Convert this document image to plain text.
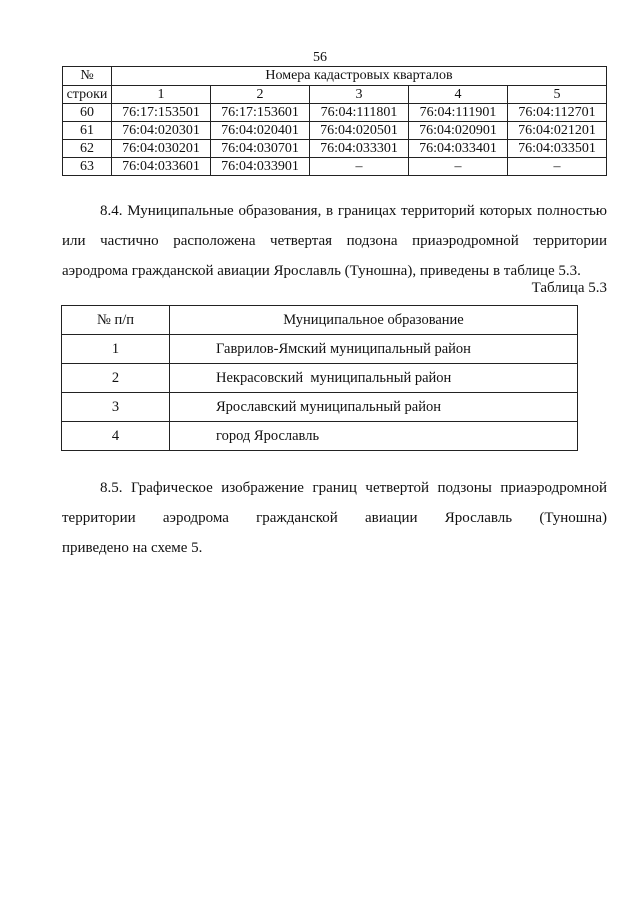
56
№	Номера кадастровых кварталов				
строки	1	2	3	4	5
60	76:17:153501	76:17:153601	76:04:111801	76:04:111901	76:04:112701
61	76:04:020301	76:04:020401	76:04:020501	76:04:020901	76:04:021201
62	76:04:030201	76:04:030701	76:04:033301	76:04:033401	76:04:033501
63	76:04:033601	76:04:033901	–	–	–

8.4. Муниципальные образования, в границах территорий которых полностью
или частично расположена четвертая подзона приаэродромной территории
аэродрома гражданской авиации Ярославль (Туношна), приведены в таблице 5.3.

Таблица 5.3
№ п/п	Муниципальное образование
1	Гаврилов-Ямский муниципальный район
2	Некрасовский  муниципальный район
3	Ярославский муниципальный район
4	город Ярославль

8.5. Графическое изображение границ четвертой подзоны приаэродромной
территории аэродрома гражданской авиации Ярославль (Туношна)
приведено на схеме 5.
